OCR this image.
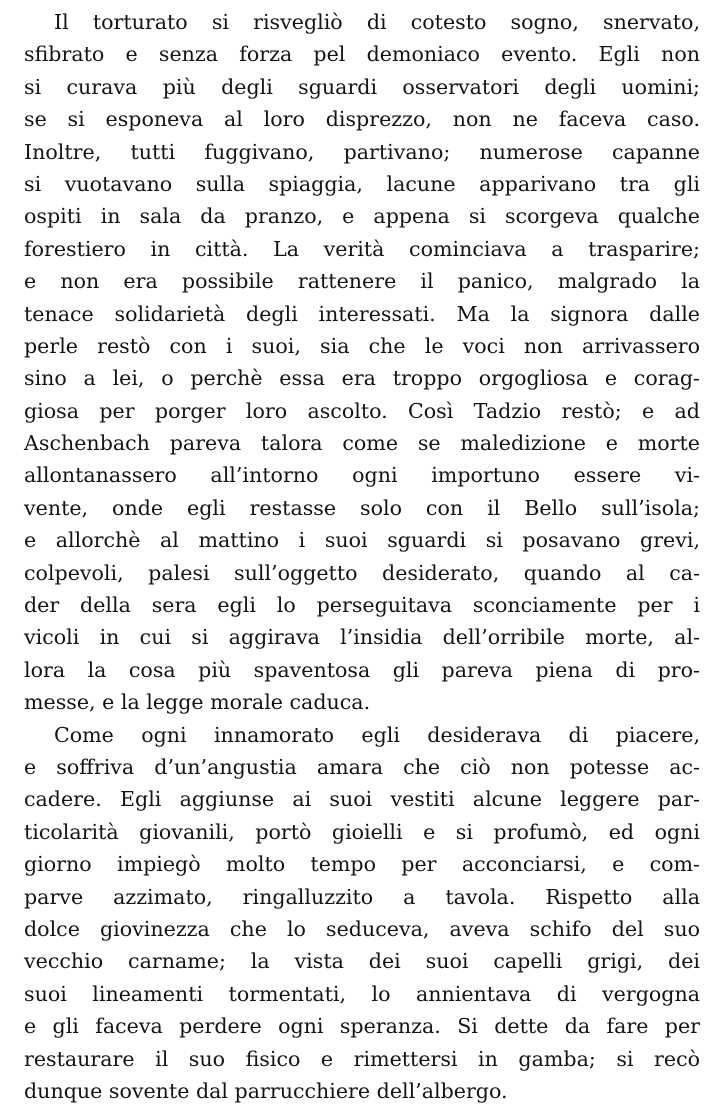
Il torturato si risvegliò di cotesto sogno, snervato,
sfibrato e senza forza pel demoniaco evento. Egli non
si curava più degli sguardi osservatori degli uomini;
se si esponeva al loro disprezzo, non ne faceva caso.
Inoltre, tutti fuggivano, partivano; numerose capanne
si vuotavano sulla spiaggia, lacune apparivano tra gli
ospiti in sala da pranzo, e appena si scorgeva qualche
forestiero in città. La verità cominciava a trasparire;
e non era possibile rattenere il panico, malgrado la
tenace solidarietà degli interessati. Ma la signora dalle
perle restò con i suoi, sia che le voci non arrivassero
sino a lei, o perchè essa era troppo orgogliosa e corag-
giosa per porger loro ascolto. Così Tadzio restò; e ad
Aschenbach pareva talora come se maledizione e morte
allontanassero all’intorno ogni importuno essere vi-
vente, onde egli restasse solo con il Bello sull’isola;
e allorchè al mattino i suoi sguardi si posavano grevi,
colpevoli, palesi sull’oggetto desiderato, quando al ca-
der della sera egli lo perseguitava sconciamente per i
vicoli in cui si aggirava l’insidia dell’orribile morte, al-
lora la cosa più spaventosa gli pareva piena di pro-
messe, e la legge morale caduca.
Come ogni innamorato egli desiderava di piacere,
e soffriva d’un’angustia amara che ciò non potesse ac-
cadere. Egli aggiunse ai suoi vestiti alcune leggere par-
ticolarità giovanili, portò gioielli e si profumò, ed ogni
giorno impiegò molto tempo per acconciarsi, e com-
parve azzimato, ringalluzzito a tavola. Rispetto alla
dolce giovinezza che lo seduceva, aveva schifo del suo
vecchio carname; la vista dei suoi capelli grigi, dei
suoi lineamenti tormentati, lo annientava di vergogna
e gli faceva perdere ogni speranza. Si dette da fare per
restaurare il suo fisico e rimettersi in gamba; si recò
dunque sovente dal parrucchiere dell’albergo.
